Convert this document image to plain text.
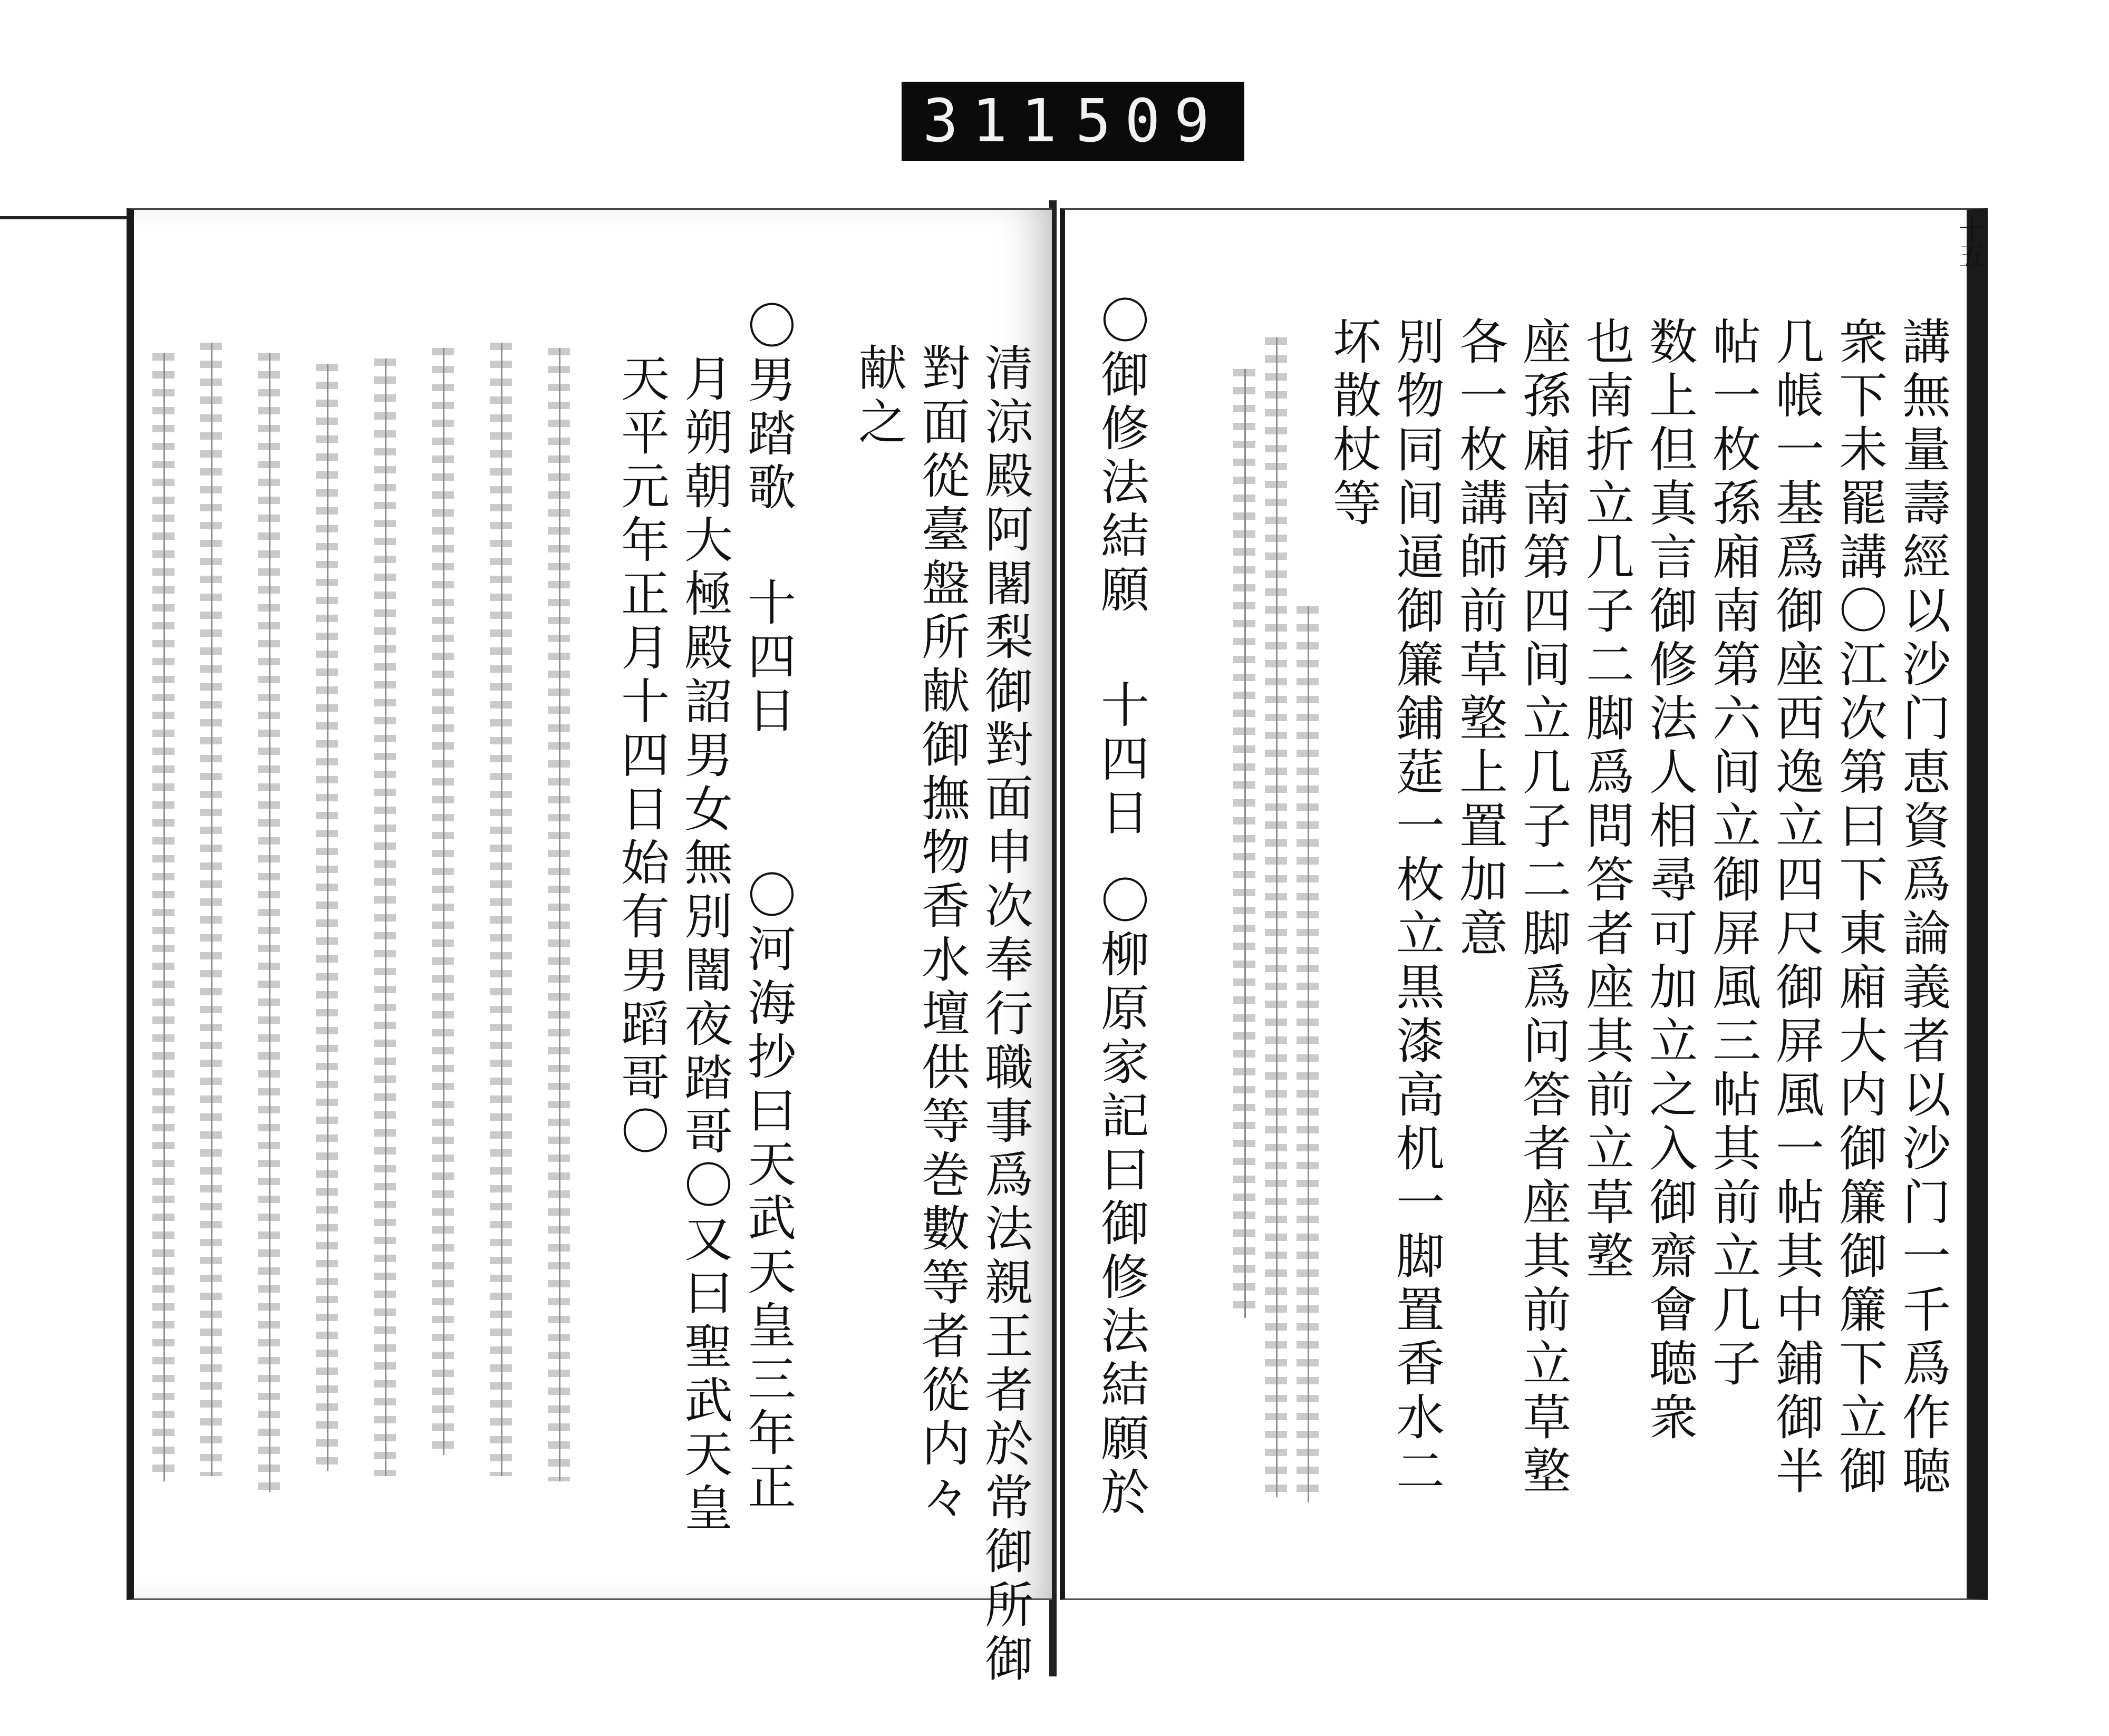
311 509
十五
講無量壽經以沙门恵資爲論義者以沙门一千爲作聴
衆下未罷講〇江次第曰下東廂大内御簾御簾下立御
几帳一基爲御座西逸立四尺御屏風一帖其中鋪御半
帖一枚孫廂南第六间立御屏風三帖其前立几子
数上但真言御修法人相尋可加立之入御齋會聴衆
也南折立几子二脚爲問答者座其前立草墪
座孫廂南第四间立几子二脚爲问答者座其前立草墪
各一枚講師前草墪上置加意
別物同间逼御簾鋪莚一枚立黒漆高机一脚置香水二
坏散杖等
〇柳原家記曰御修法結願於
〇御修法結願 十四日
清涼殿阿闍梨御對面申次奉行職事爲法親王者於常御所御
對面從臺盤所献御撫物香水壇供等巻數等者從内々
献之
〇河海抄曰天武天皇三年正
〇男踏歌 十四日
月朔朝大極殿詔男女無別闇夜踏哥〇又曰聖武天皇
天平元年正月十四日始有男蹈哥〇
